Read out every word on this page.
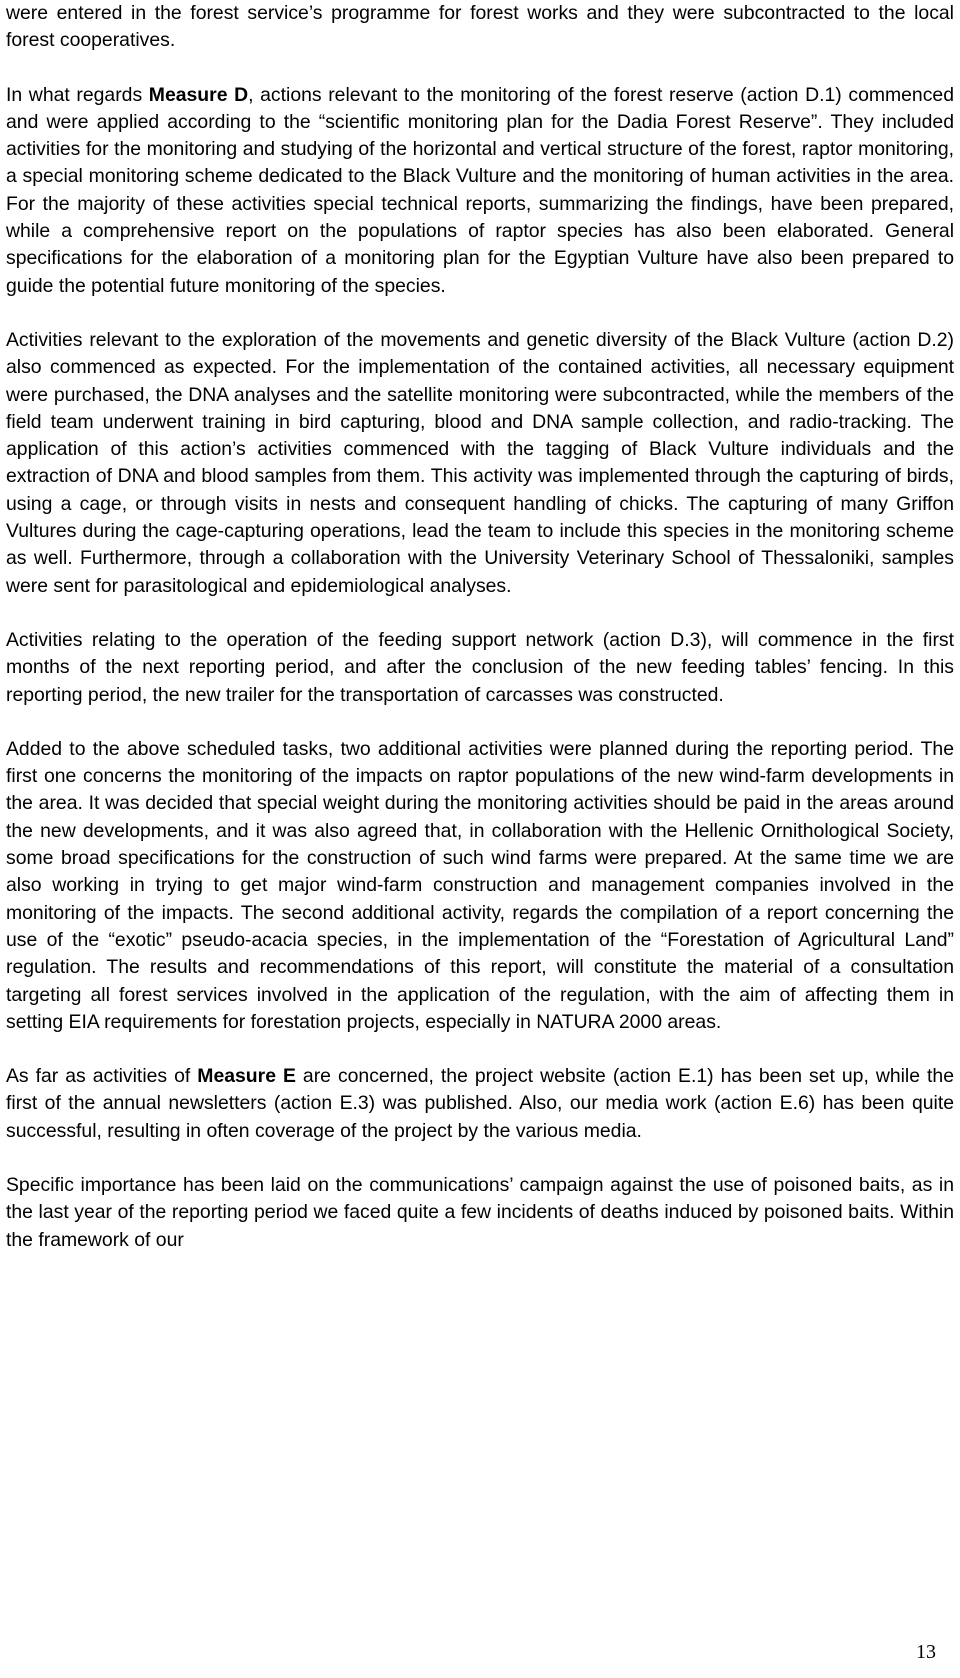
were entered in the forest service’s programme for forest works and they were subcontracted to the local forest cooperatives.

In what regards Measure D, actions relevant to the monitoring of the forest reserve (action D.1) commenced and were applied according to the “scientific monitoring plan for the Dadia Forest Reserve”. They included activities for the monitoring and studying of the horizontal and vertical structure of the forest, raptor monitoring, a special monitoring scheme dedicated to the Black Vulture and the monitoring of human activities in the area. For the majority of these activities special technical reports, summarizing the findings, have been prepared, while a comprehensive report on the populations of raptor species has also been elaborated. General specifications for the elaboration of a monitoring plan for the Egyptian Vulture have also been prepared to guide the potential future monitoring of the species.

Activities relevant to the exploration of the movements and genetic diversity of the Black Vulture (action D.2) also commenced as expected. For the implementation of the contained activities, all necessary equipment were purchased, the DNA analyses and the satellite monitoring were subcontracted, while the members of the field team underwent training in bird capturing, blood and DNA sample collection, and radio-tracking. The application of this action’s activities commenced with the tagging of Black Vulture individuals and the extraction of DNA and blood samples from them. This activity was implemented through the capturing of birds, using a cage, or through visits in nests and consequent handling of chicks. The capturing of many Griffon Vultures during the cage-capturing operations, lead the team to include this species in the monitoring scheme as well. Furthermore, through a collaboration with the University Veterinary School of Thessaloniki, samples were sent for parasitological and epidemiological analyses.

Activities relating to the operation of the feeding support network (action D.3), will commence in the first months of the next reporting period, and after the conclusion of the new feeding tables’ fencing. In this reporting period, the new trailer for the transportation of carcasses was constructed.

Added to the above scheduled tasks, two additional activities were planned during the reporting period. The first one concerns the monitoring of the impacts on raptor populations of the new wind-farm developments in the area. It was decided that special weight during the monitoring activities should be paid in the areas around the new developments, and it was also agreed that, in collaboration with the Hellenic Ornithological Society, some broad specifications for the construction of such wind farms were prepared. At the same time we are also working in trying to get major wind-farm construction and management companies involved in the monitoring of the impacts. The second additional activity, regards the compilation of a report concerning the use of the “exotic” pseudo-acacia species, in the implementation of the “Forestation of Agricultural Land” regulation. The results and recommendations of this report, will constitute the material of a consultation targeting all forest services involved in the application of the regulation, with the aim of affecting them in setting EIA requirements for forestation projects, especially in NATURA 2000 areas.

As far as activities of Measure E are concerned, the project website (action E.1) has been set up, while the first of the annual newsletters (action E.3) was published. Also, our media work (action E.6) has been quite successful, resulting in often coverage of the project by the various media.

Specific importance has been laid on the communications’ campaign against the use of poisoned baits, as in the last year of the reporting period we faced quite a few incidents of deaths induced by poisoned baits. Within the framework of our

13
